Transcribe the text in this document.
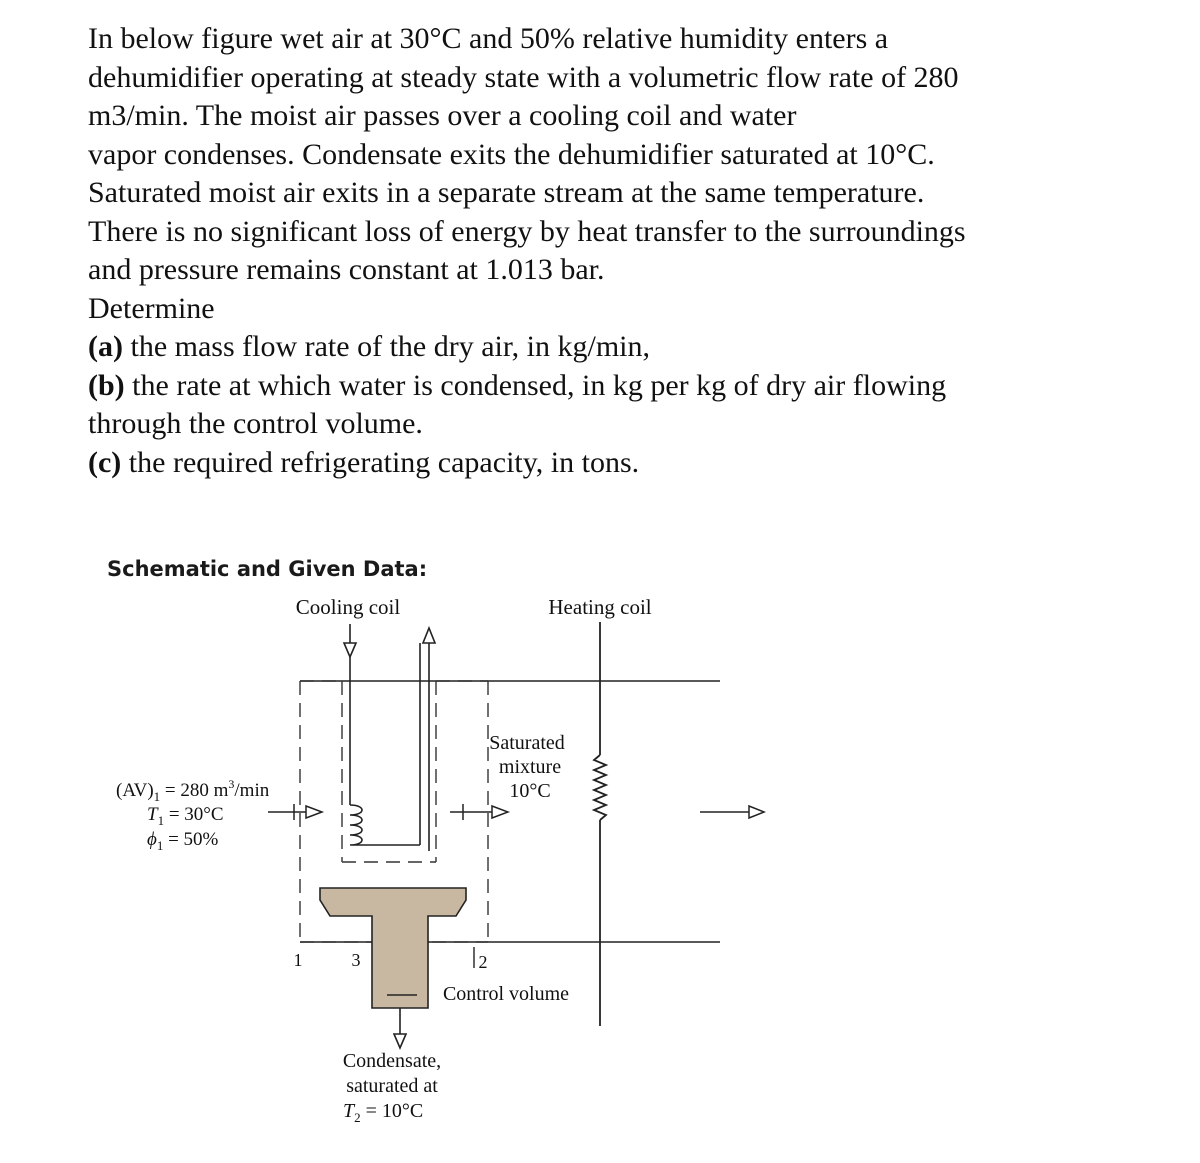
In below figure wet air at 30°C and 50% relative humidity enters a

dehumidifier operating at steady state with a volumetric flow rate of 280

m3/min. The moist air passes over a cooling coil and water

vapor condenses. Condensate exits the dehumidifier saturated at 10°C.

Saturated moist air exits in a separate stream at the same temperature.

There is no significant loss of energy by heat transfer to the surroundings

and pressure remains constant at 1.013 bar.

Determine

(a) the mass flow rate of the dry air, in kg/min,

(b) the rate at which water is condensed, in kg per kg of dry air flowing

through the control volume.

(c) the required refrigerating capacity, in tons.

Schematic and Given Data:
Cooling coil	Heating coil
$(AV)_1 = 280$ $m^3/\min$
$T_1 = 30^\circ C$
$\phi_1 = 50\%$
Saturated
mixture
10°C
1	3	2
Control volume
Condensate,
saturated at
$T_2 = 10^\circ C$
